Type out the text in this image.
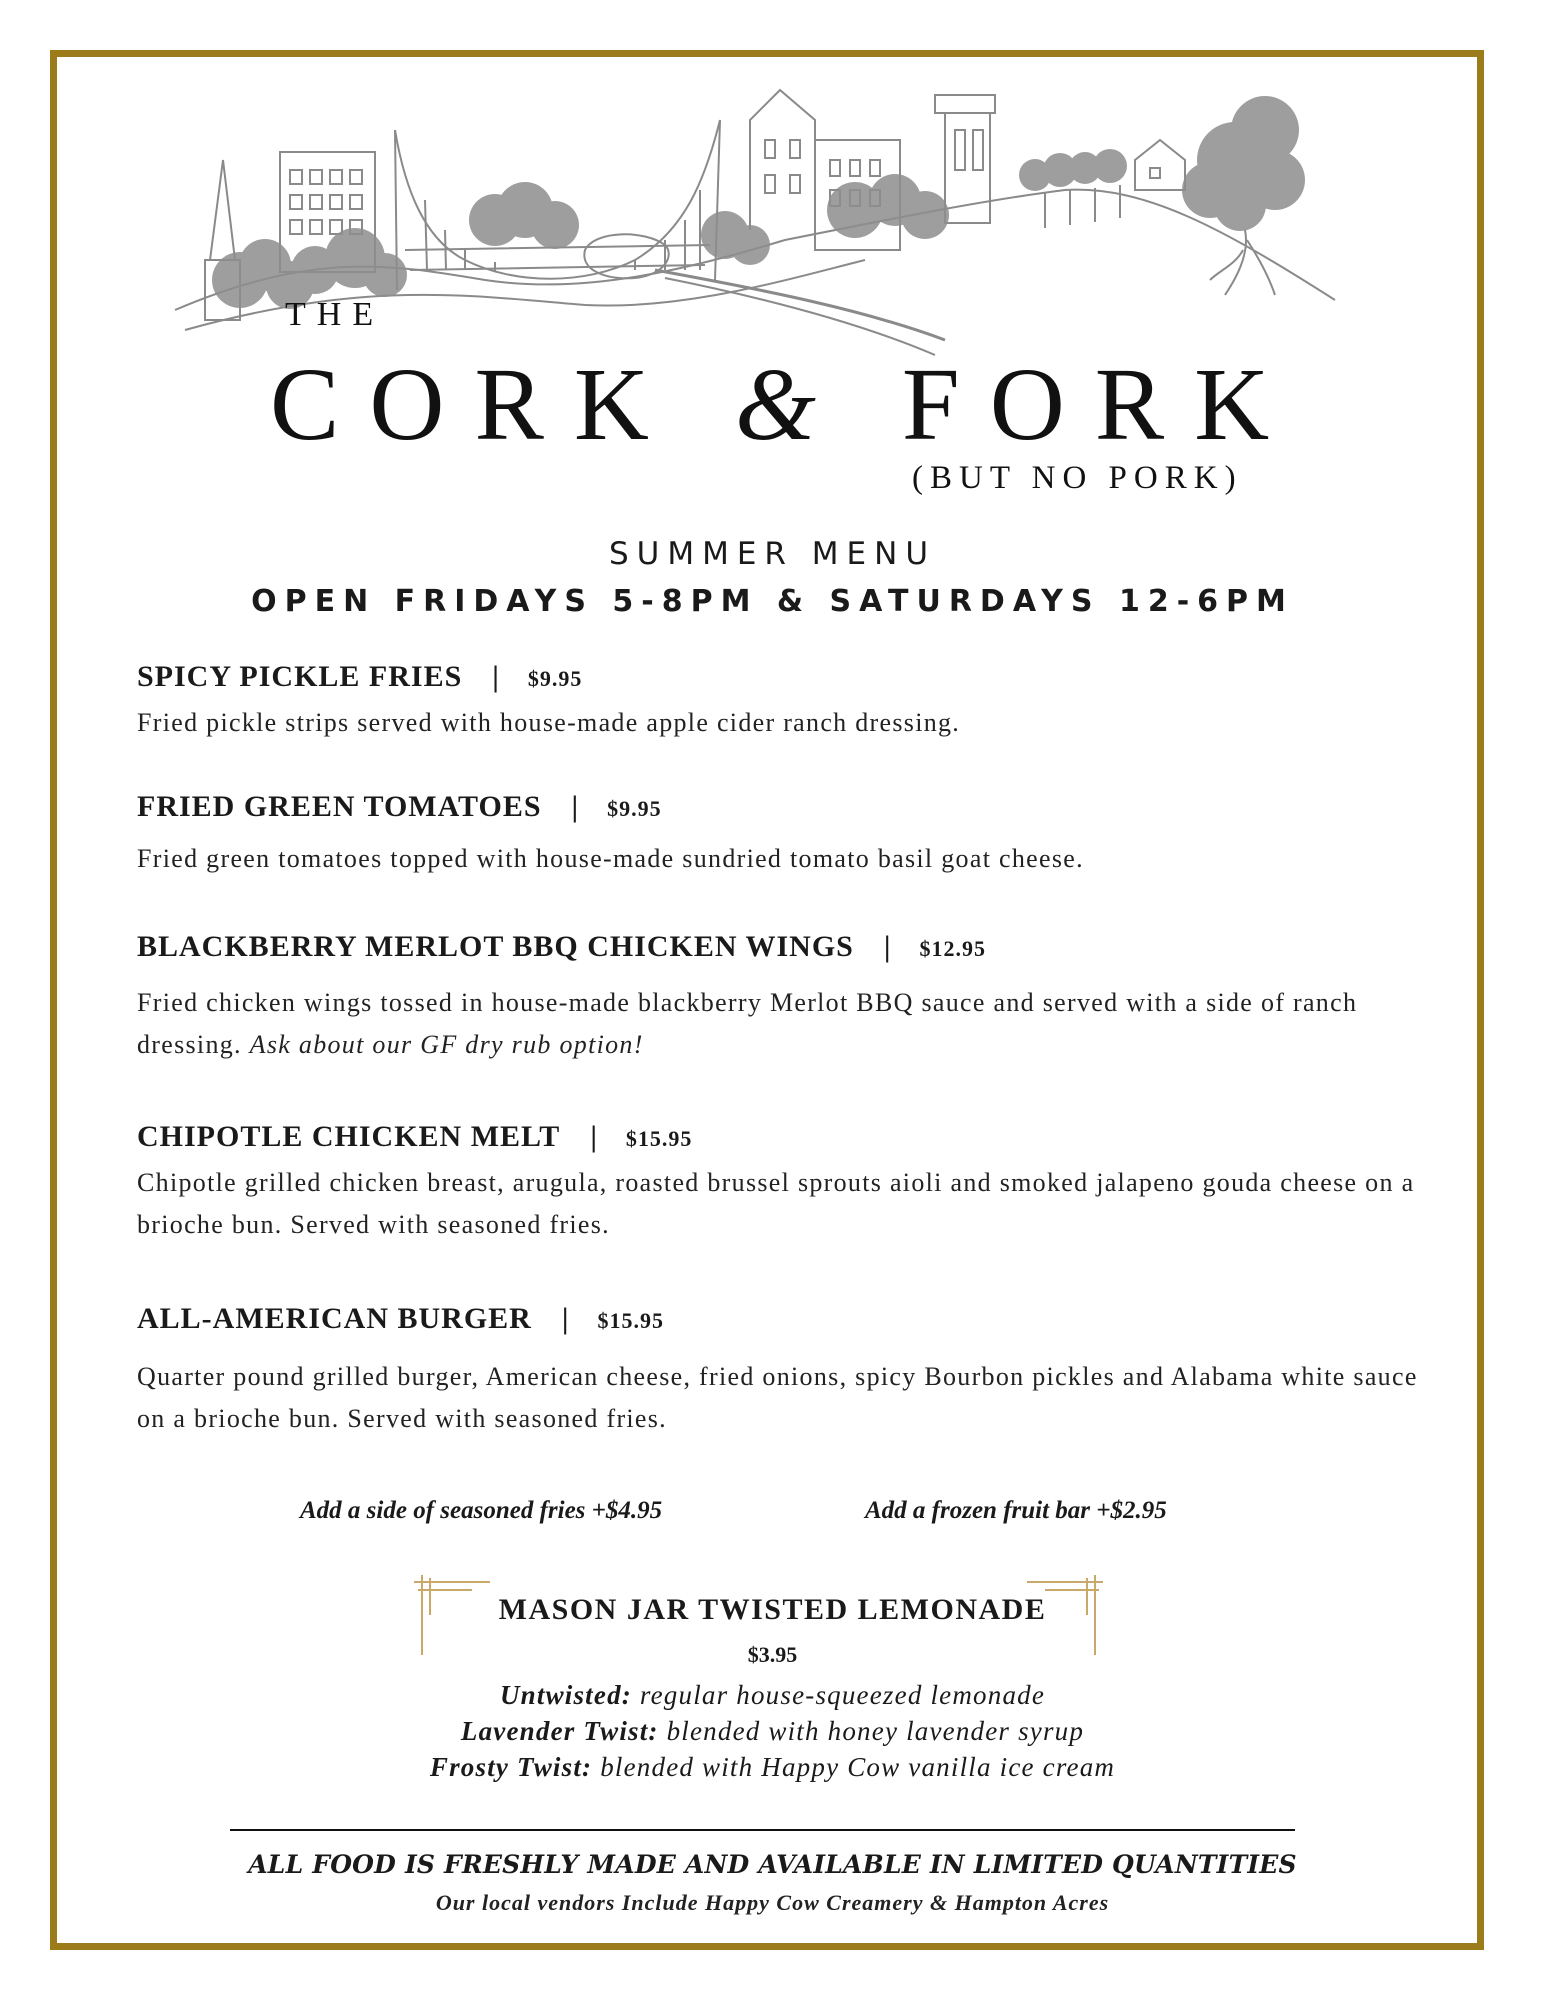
THE
CORK & FORK
(BUT NO PORK)
SUMMER MENU
OPEN FRIDAYS 5-8PM & SATURDAYS 12-6PM
SPICY PICKLE FRIES | $9.95
Fried pickle strips served with house-made apple cider ranch dressing.
FRIED GREEN TOMATOES | $9.95
Fried green tomatoes topped with house-made sundried tomato basil goat cheese.
BLACKBERRY MERLOT BBQ CHICKEN WINGS | $12.95
Fried chicken wings tossed in house-made blackberry Merlot BBQ sauce and served with a side of ranch dressing. Ask about our GF dry rub option!
CHIPOTLE CHICKEN MELT | $15.95
Chipotle grilled chicken breast, arugula, roasted brussel sprouts aioli and smoked jalapeno gouda cheese on a brioche bun. Served with seasoned fries.
ALL-AMERICAN BURGER | $15.95
Quarter pound grilled burger, American cheese, fried onions, spicy Bourbon pickles and Alabama white sauce on a brioche bun. Served with seasoned fries.
Add a side of seasoned fries +$4.95	Add a frozen fruit bar +$2.95
MASON JAR TWISTED LEMONADE
$3.95
Untwisted: regular house-squeezed lemonade
Lavender Twist: blended with honey lavender syrup
Frosty Twist: blended with Happy Cow vanilla ice cream
ALL FOOD IS FRESHLY MADE AND AVAILABLE IN LIMITED QUANTITIES
Our local vendors Include Happy Cow Creamery & Hampton Acres
